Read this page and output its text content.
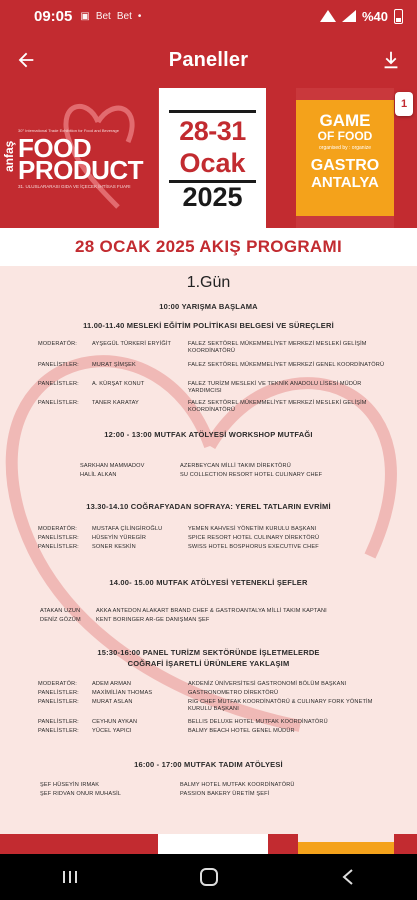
09:05 ▣ Bet Bet •	%40
Paneller
30° International Trade Exhibition for Food and Beverage
anfaş FOOD
PRODUCT
31. ULUSLARARASI GIDA VE İÇECEK İHTİSAS FUARI
28-31
Ocak
2025
GAME
OF FOOD
organised by : organize
GASTRO
ANTALYA
1
28 OCAK 2025 AKIŞ PROGRAMI
1.Gün
10:00 YARIŞMA BAŞLAMA
11.00-11.40 MESLEKİ EĞİTİM POLİTİKASI BELGESİ VE SÜREÇLERİ
MODERATÖR:	AYŞEGÜL TÜRKERİ ERYİĞİT	FALEZ SEKTÖREL MÜKEMMELİYET MERKEZİ MESLEKİ GELİŞİM KOORDİNATÖRÜ
PANELİSTLER:	MURAT ŞİMŞEK	FALEZ SEKTÖREL MÜKEMMELİYET MERKEZİ GENEL KOORDİNATÖRÜ
PANELİSTLER:	A. KÜRŞAT KONUT	FALEZ TURİZM MESLEKİ VE TEKNİK ANADOLU LİSESİ MÜDÜR YARDIMCISI
PANELİSTLER:	TANER KARATAY	FALEZ SEKTÖREL MÜKEMMELİYET MERKEZİ MESLEKİ GELİŞİM KOORDİNATÖRÜ
12:00 - 13:00 MUTFAK ATÖLYESİ WORKSHOP MUTFAĞI
SARKHAN MAMMADOV	AZERBEYCAN MİLLİ TAKIM DİREKTÖRÜ
HALİL ALKAN	SU COLLECTION RESORT HOTEL CULINARY CHEF
13.30-14.10 COĞRAFYADAN SOFRAYA: YEREL TATLARIN EVRİMİ
MODERATÖR:	MUSTAFA ÇİLİNGİROĞLU	YEMEN KAHVESİ YÖNETİM KURULU BAŞKANI
PANELİSTLER:	HÜSEYİN YÜREGİR	SPICE RESORT HOTEL CULINARY DİREKTÖRÜ
PANELİSTLER:	SONER KESKİN	SWISS HOTEL BOSPHORUS EXECUTIVE CHEF
14.00- 15.00 MUTFAK ATÖLYESİ YETENEKLİ ŞEFLER
ATAKAN UZUN	AKKA ANTEDON ALAKART BRAND CHEF & GASTROANTALYA MİLLİ TAKIM KAPTANI
DENİZ GÖZÜM	KENT BORINGER AR-GE DANIŞMAN ŞEF
15:30-16:00 PANEL TURİZM SEKTÖRÜNDE İŞLETMELERDE
COĞRAFİ İŞARETLİ ÜRÜNLERE YAKLAŞIM
MODERATÖR:	ADEM ARMAN	AKDENİZ ÜNİVERSİTESİ GASTRONOMİ BÖLÜM BAŞKANI
PANELİSTLER:	MAXİMİLİAN THOMAS	GASTRONOMETRO DİREKTÖRÜ
PANELİSTLER:	MURAT ASLAN	RIG CHEF MUTFAK KOORDİNATÖRÜ & CULINARY FORK YÖNETİM KURULU BAŞKANI
PANELİSTLER:	CEYHUN AYKAN	BELLIS DELUXE HOTEL MUTFAK KOORDİNATÖRÜ
PANELİSTLER:	YÜCEL YAPICI	BALMY BEACH HOTEL GENEL MÜDÜR
16:00 - 17:00 MUTFAK TADIM ATÖLYESİ
ŞEF HÜSEYİN IRMAK	BALMY HOTEL MUTFAK KOORDİNATÖRÜ
ŞEF RIDVAN ONUR MUHASİL	PASSION BAKERY ÜRETİM ŞEFİ
